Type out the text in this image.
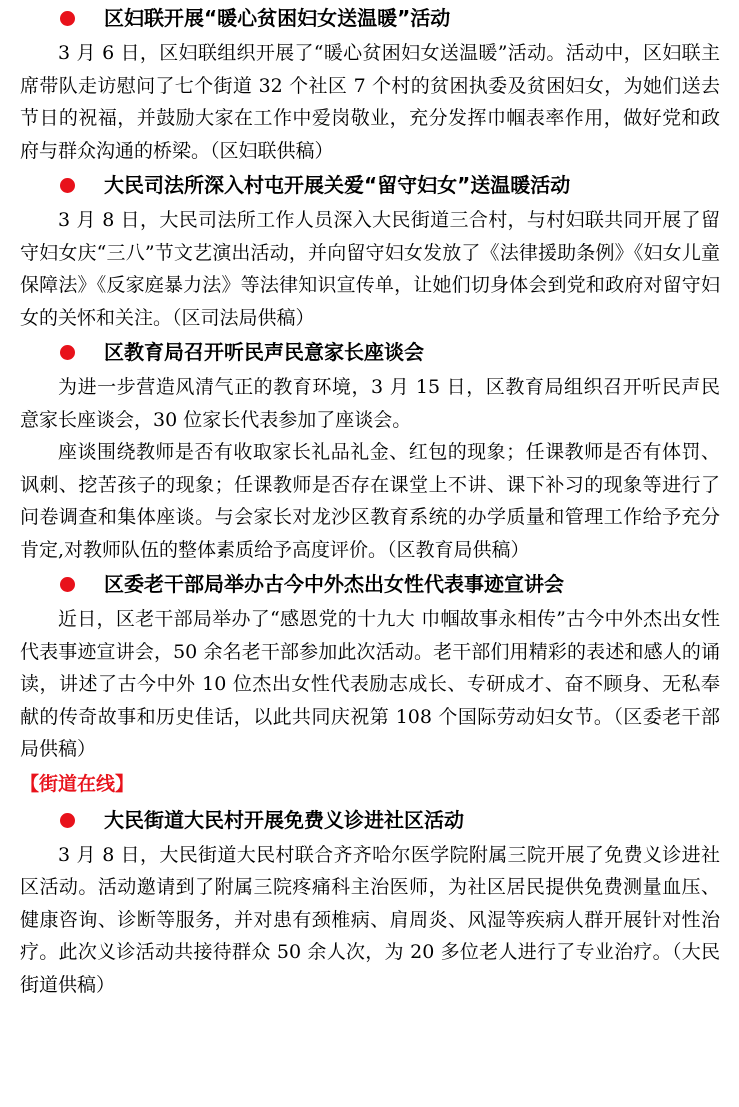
区妇联开展“暖心贫困妇女送温暖”活动

3 月 6 日，区妇联组织开展了“暖心贫困妇女送温暖”活动。活动中，区妇联主席带队走访慰问了七个街道 32 个社区 7 个村的贫困执委及贫困妇女，为她们送去节日的祝福，并鼓励大家在工作中爱岗敬业，充分发挥巾帼表率作用，做好党和政府与群众沟通的桥梁。（区妇联供稿）

大民司法所深入村屯开展关爱“留守妇女”送温暖活动

3 月 8 日，大民司法所工作人员深入大民街道三合村，与村妇联共同开展了留守妇女庆“三八”节文艺演出活动，并向留守妇女发放了《法律援助条例》《妇女儿童保障法》《反家庭暴力法》等法律知识宣传单，让她们切身体会到党和政府对留守妇女的关怀和关注。（区司法局供稿）

区教育局召开听民声民意家长座谈会

为进一步营造风清气正的教育环境，3 月 15 日，区教育局组织召开听民声民意家长座谈会，30 位家长代表参加了座谈会。

座谈围绕教师是否有收取家长礼品礼金、红包的现象；任课教师是否有体罚、讽刺、挖苦孩子的现象；任课教师是否存在课堂上不讲、课下补习的现象等进行了问卷调查和集体座谈。与会家长对龙沙区教育系统的办学质量和管理工作给予充分肯定,对教师队伍的整体素质给予高度评价。（区教育局供稿）

区委老干部局举办古今中外杰出女性代表事迹宣讲会

近日，区老干部局举办了“感恩党的十九大 巾帼故事永相传”古今中外杰出女性代表事迹宣讲会，50 余名老干部参加此次活动。老干部们用精彩的表述和感人的诵读，讲述了古今中外 10 位杰出女性代表励志成长、专研成才、奋不顾身、无私奉献的传奇故事和历史佳话，以此共同庆祝第 108 个国际劳动妇女节。（区委老干部局供稿）

【街道在线】
大民街道大民村开展免费义诊进社区活动

3 月 8 日，大民街道大民村联合齐齐哈尔医学院附属三院开展了免费义诊进社区活动。活动邀请到了附属三院疼痛科主治医师，为社区居民提供免费测量血压、健康咨询、诊断等服务，并对患有颈椎病、肩周炎、风湿等疾病人群开展针对性治疗。此次义诊活动共接待群众 50 余人次，为 20 多位老人进行了专业治疗。（大民街道供稿）
